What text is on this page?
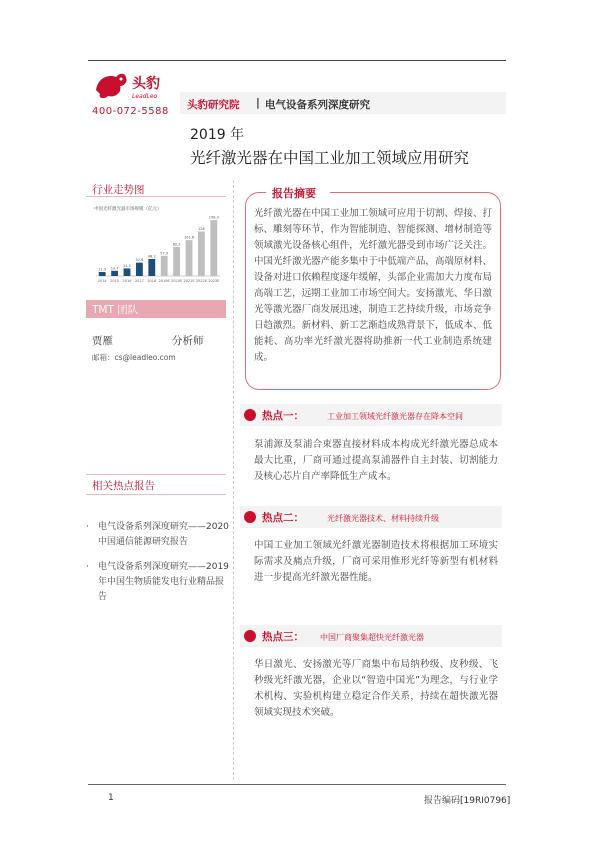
头豹
LeadLeo
400-072-5588
头豹研究院 | 电气设备系列深度研究
2019 年
光纤激光器在中国工业加工领域应用研究
行业走势图
中国光纤激光器市场规模（亿元）
11.3
2014
14.7
2015
21.5
2016
37.8
2017
48.2
2018
57.3
2019E
82.2
2020E
101.6
2021E
126
2022E
158.3
2023E
TMT 团队
贾雁	分析师
邮箱：cs@leadleo.com
相关热点报告
· 电气设备系列深度研究——2020 中国通信能源研究报告
· 电气设备系列深度研究——2019 年中国生物质能发电行业精品报告
报告摘要
光纤激光器在中国工业加工领域可应用于切割、焊接、打标、雕刻等环节，作为智能制造、智能探测、增材制造等领域激光设备核心组件，光纤激光器受到市场广泛关注。中国光纤激光器产能多集中于中低端产品，高端原材料、设备对进口依赖程度逐年缓解，头部企业需加大力度布局高端工艺，远期工业加工市场空间大。安扬激光、华日激光等激光器厂商发展迅速，制造工艺持续升级，市场竞争日趋激烈。新材料、新工艺渐趋成熟背景下，低成本、低能耗、高功率光纤激光器将助推新一代工业制造系统建成。
热点一：	工业加工领域光纤激光器存在降本空间
泵浦源及泵浦合束器直接材料成本构成光纤激光器总成本最大比重，厂商可通过提高泵浦器件自主封装、切割能力及核心芯片自产率降低生产成本。
热点二：	光纤激光器技术、材料持续升级
中国工业加工领域光纤激光器制造技术将根据加工环境实际需求及痛点升级，厂商可采用惟形光纤等新型有机材料进一步提高光纤激光器性能。
热点三： 中国厂商聚集超快光纤激光器
华日激光、安扬激光等厂商集中布局纳秒级、皮秒级、飞秒级光纤激光器，企业以“智造中国光”为理念，与行业学术机构、实验机构建立稳定合作关系，持续在超快激光器领域实现技术突破。
1	报告编码[19RI0796]
